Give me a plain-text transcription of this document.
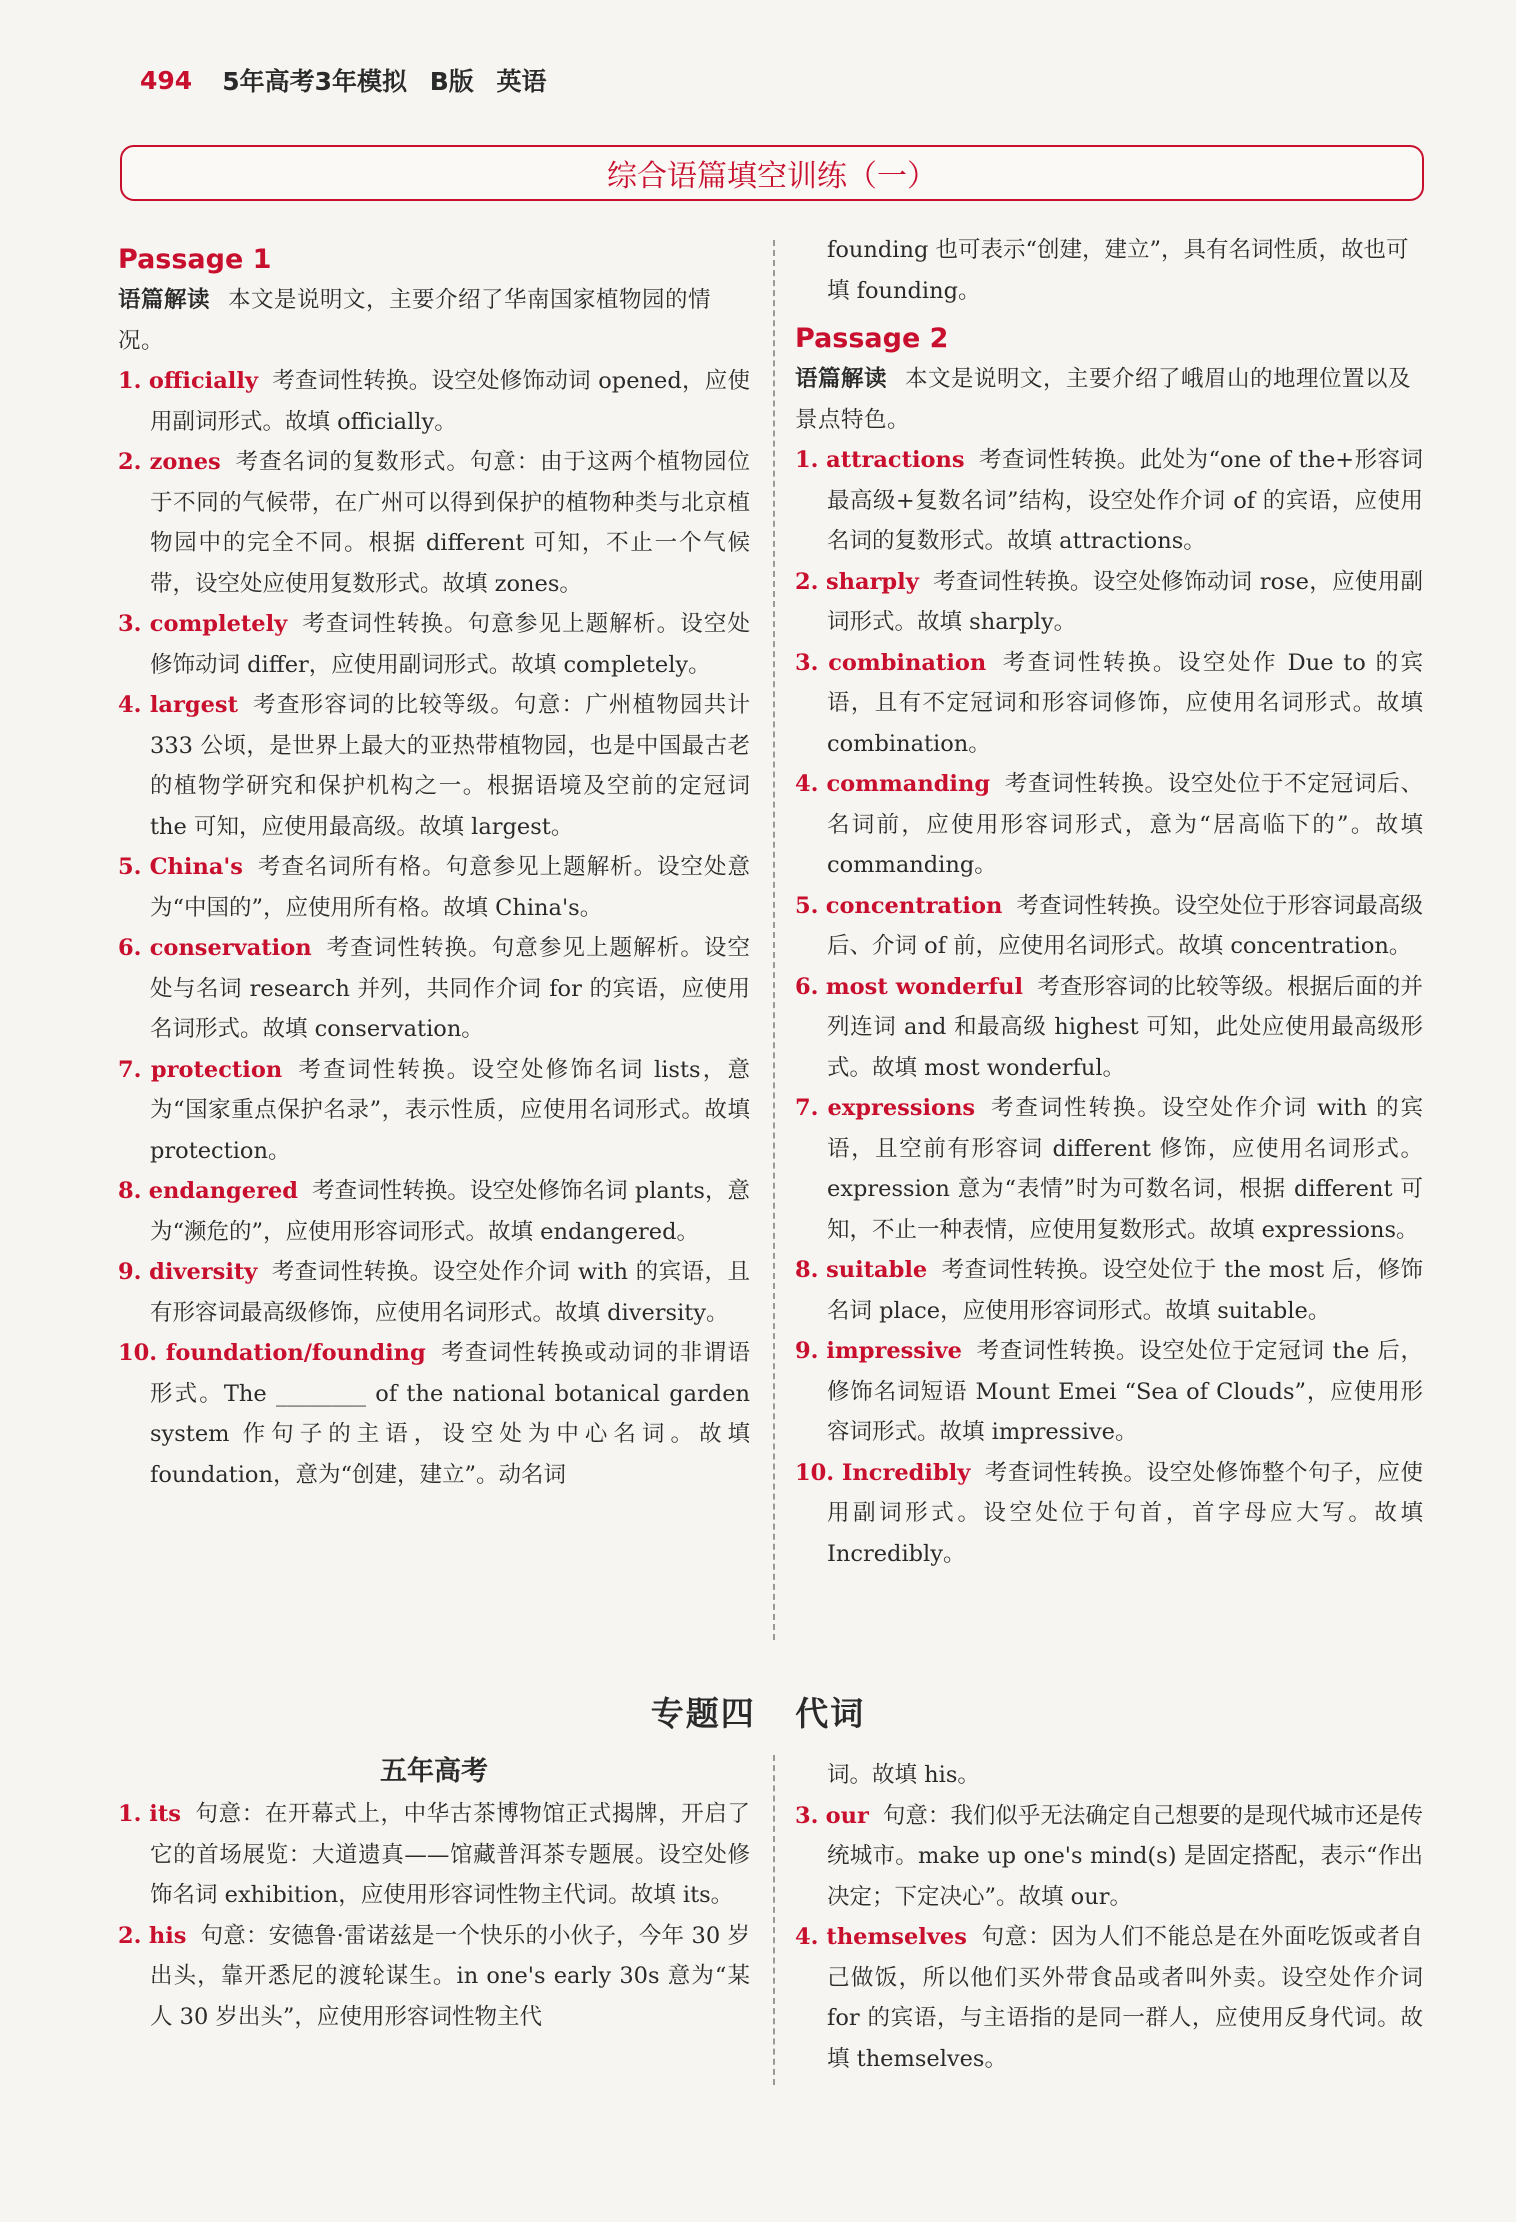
494 5年高考3年模拟 B版 英语
综合语篇填空训练（一）

Passage 1

语篇解读 本文是说明文，主要介绍了华南国家植物园的情况。

1. officially 考查词性转换。设空处修饰动词 opened，应使用副词形式。故填 officially。

2. zones 考查名词的复数形式。句意：由于这两个植物园位于不同的气候带，在广州可以得到保护的植物种类与北京植物园中的完全不同。根据 different 可知，不止一个气候带，设空处应使用复数形式。故填 zones。

3. completely 考查词性转换。句意参见上题解析。设空处修饰动词 differ，应使用副词形式。故填 completely。

4. largest 考查形容词的比较等级。句意：广州植物园共计 333 公顷，是世界上最大的亚热带植物园，也是中国最古老的植物学研究和保护机构之一。根据语境及空前的定冠词 the 可知，应使用最高级。故填 largest。

5. China's 考查名词所有格。句意参见上题解析。设空处意为“中国的”，应使用所有格。故填 China's。

6. conservation 考查词性转换。句意参见上题解析。设空处与名词 research 并列，共同作介词 for 的宾语，应使用名词形式。故填 conservation。

7. protection 考查词性转换。设空处修饰名词 lists，意为“国家重点保护名录”，表示性质，应使用名词形式。故填 protection。

8. endangered 考查词性转换。设空处修饰名词 plants，意为“濒危的”，应使用形容词形式。故填 endangered。

9. diversity 考查词性转换。设空处作介词 with 的宾语，且有形容词最高级修饰，应使用名词形式。故填 diversity。

10. foundation/founding 考查词性转换或动词的非谓语形式。The ________ of the national botanical garden system 作句子的主语，设空处为中心名词。故填 foundation，意为“创建，建立”。动名词

founding 也可表示“创建，建立”，具有名词性质，故也可填 founding。

Passage 2

语篇解读 本文是说明文，主要介绍了峨眉山的地理位置以及景点特色。

1. attractions 考查词性转换。此处为“one of the+形容词最高级+复数名词”结构，设空处作介词 of 的宾语，应使用名词的复数形式。故填 attractions。

2. sharply 考查词性转换。设空处修饰动词 rose，应使用副词形式。故填 sharply。

3. combination 考查词性转换。设空处作 Due to 的宾语，且有不定冠词和形容词修饰，应使用名词形式。故填 combination。

4. commanding 考查词性转换。设空处位于不定冠词后、名词前，应使用形容词形式，意为“居高临下的”。故填 commanding。

5. concentration 考查词性转换。设空处位于形容词最高级后、介词 of 前，应使用名词形式。故填 concentration。

6. most wonderful 考查形容词的比较等级。根据后面的并列连词 and 和最高级 highest 可知，此处应使用最高级形式。故填 most wonderful。

7. expressions 考查词性转换。设空处作介词 with 的宾语，且空前有形容词 different 修饰，应使用名词形式。expression 意为“表情”时为可数名词，根据 different 可知，不止一种表情，应使用复数形式。故填 expressions。

8. suitable 考查词性转换。设空处位于 the most 后，修饰名词 place，应使用形容词形式。故填 suitable。

9. impressive 考查词性转换。设空处位于定冠词 the 后，修饰名词短语 Mount Emei “Sea of Clouds”，应使用形容词形式。故填 impressive。

10. Incredibly 考查词性转换。设空处修饰整个句子，应使用副词形式。设空处位于句首，首字母应大写。故填 Incredibly。

专题四 代词

五年高考

1. its 句意：在开幕式上，中华古茶博物馆正式揭牌，开启了它的首场展览：大道遗真——馆藏普洱茶专题展。设空处修饰名词 exhibition，应使用形容词性物主代词。故填 its。

2. his 句意：安德鲁·雷诺兹是一个快乐的小伙子，今年 30 岁出头，靠开悉尼的渡轮谋生。in one's early 30s 意为“某人 30 岁出头”，应使用形容词性物主代

词。故填 his。

3. our 句意：我们似乎无法确定自己想要的是现代城市还是传统城市。make up one's mind(s) 是固定搭配，表示“作出决定；下定决心”。故填 our。

4. themselves 句意：因为人们不能总是在外面吃饭或者自己做饭，所以他们买外带食品或者叫外卖。设空处作介词 for 的宾语，与主语指的是同一群人，应使用反身代词。故填 themselves。
